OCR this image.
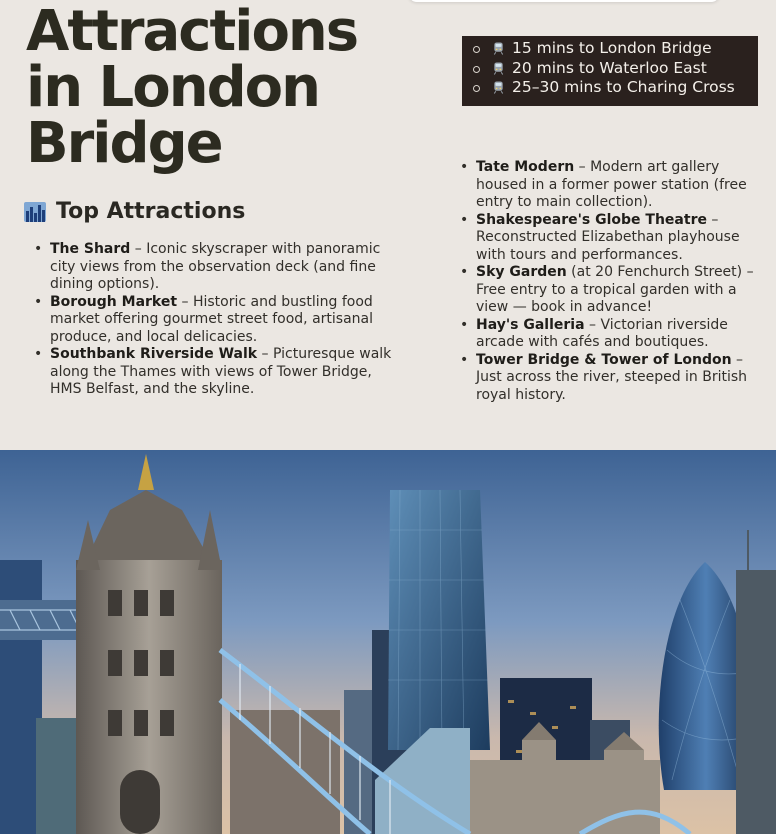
Attractions
in London
Bridge
15 mins to London Bridge
20 mins to Waterloo East
25–30 mins to Charing Cross
Top Attractions
• The Shard – Iconic skyscraper with panoramic city views from the observation deck (and fine dining options).
• Borough Market – Historic and bustling food market offering gourmet street food, artisanal produce, and local delicacies.
• Southbank Riverside Walk – Picturesque walk along the Thames with views of Tower Bridge, HMS Belfast, and the skyline.
• Tate Modern – Modern art gallery housed in a former power station (free entry to main collection).
• Shakespeare's Globe Theatre – Reconstructed Elizabethan playhouse with tours and performances.
• Sky Garden (at 20 Fenchurch Street) – Free entry to a tropical garden with a view — book in advance!
• Hay's Galleria – Victorian riverside arcade with cafés and boutiques.
• Tower Bridge & Tower of London – Just across the river, steeped in British royal history.
